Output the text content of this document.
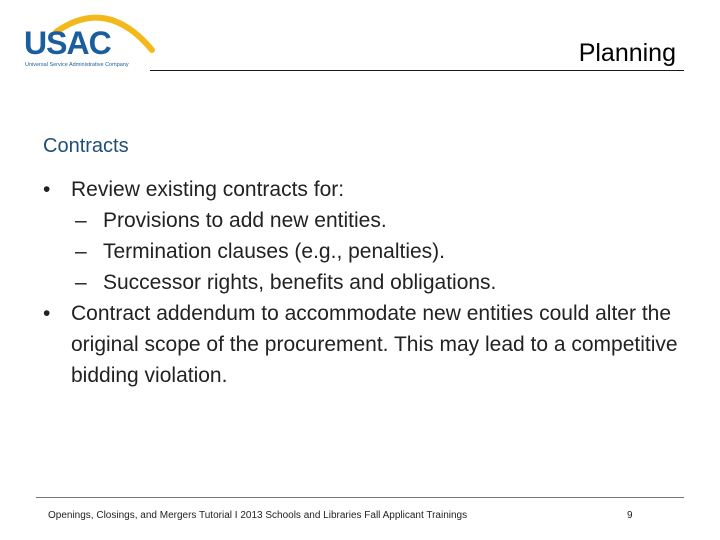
USAC
Universal Service Administrative Company	Planning
Contracts
• Review existing contracts for:
– Provisions to add new entities.
– Termination clauses (e.g., penalties).
– Successor rights, benefits and obligations.
• Contract addendum to accommodate new entities could alter the original scope of the procurement. This may lead to a competitive bidding violation.
Openings, Closings, and Mergers Tutorial I 2013 Schools and Libraries Fall Applicant Trainings	9
